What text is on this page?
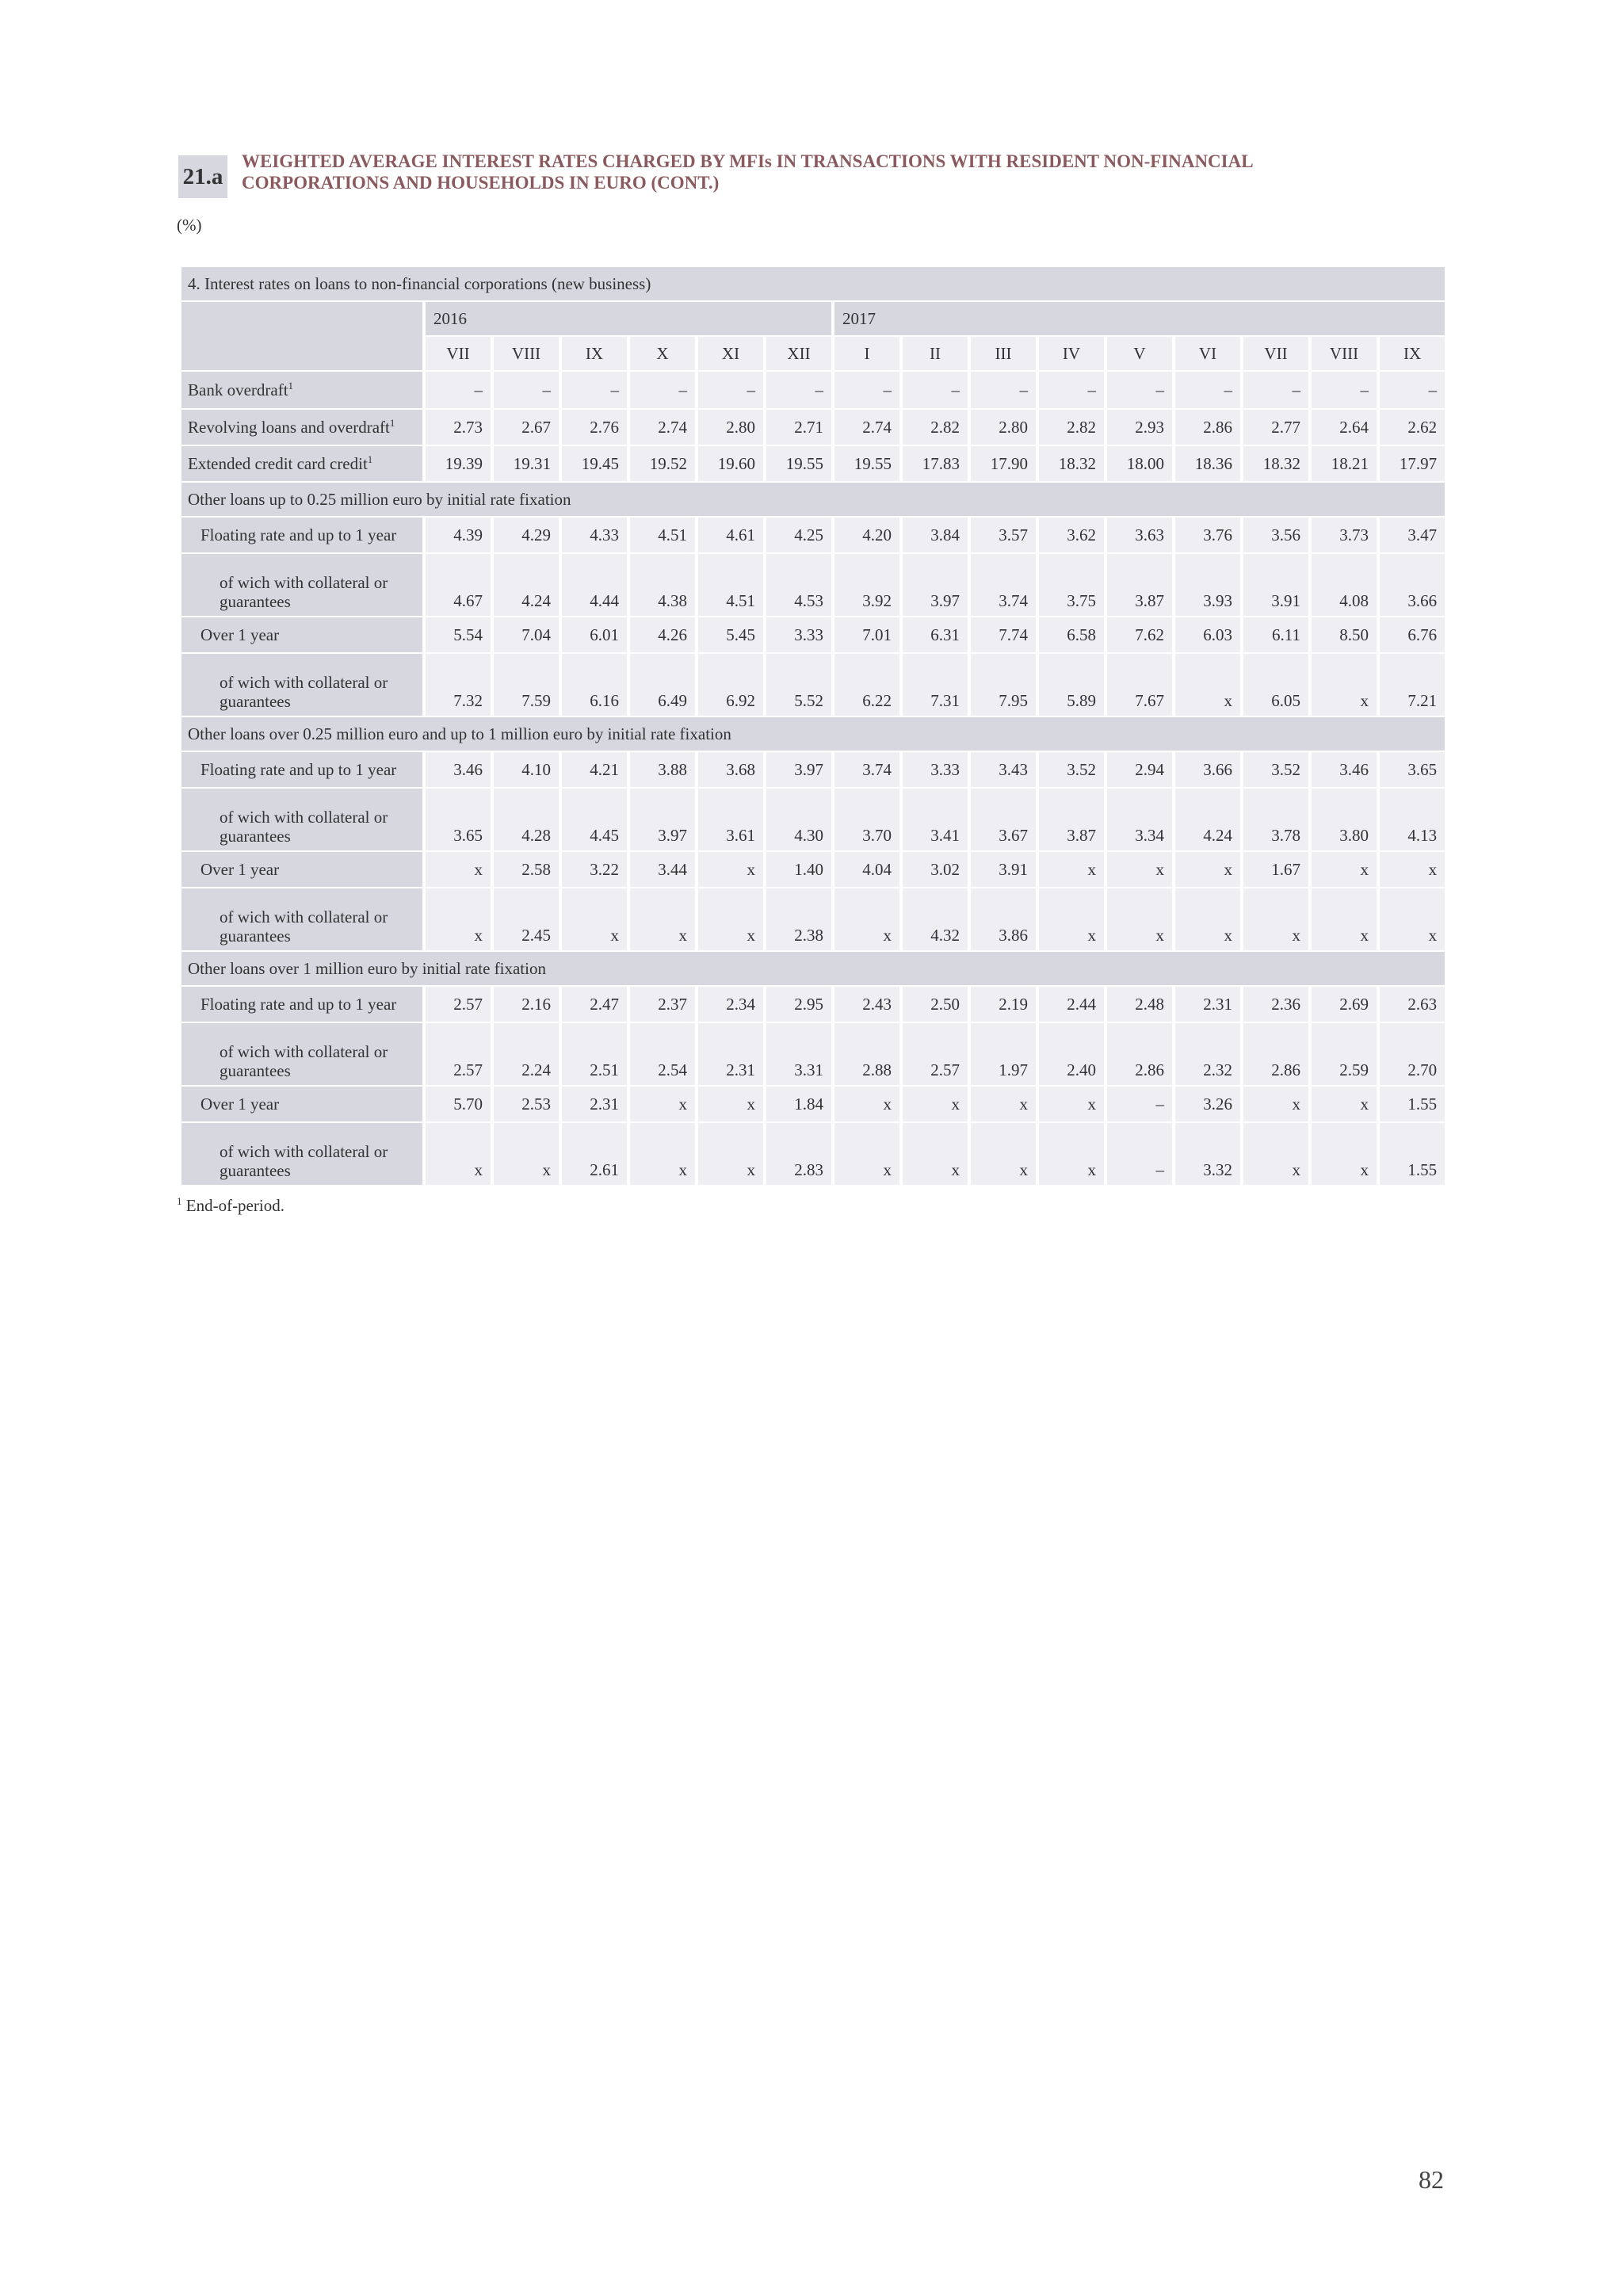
21.a
WEIGHTED AVERAGE INTEREST RATES CHARGED BY MFIs IN TRANSACTIONS WITH RESIDENT NON-FINANCIAL
CORPORATIONS AND HOUSEHOLDS IN EURO (CONT.)
(%)
4. Interest rates on loans to non-financial corporations (new business)															
	2016						2017								
	VII	VIII	IX	X	XI	XII	I	II	III	IV	V	VI	VII	VIII	IX
Bank overdraft$^1$	–	–	–	–	–	–	–	–	–	–	–	–	–	–	–
Revolving loans and overdraft$^1$	2.73	2.67	2.76	2.74	2.80	2.71	2.74	2.82	2.80	2.82	2.93	2.86	2.77	2.64	2.62
Extended credit card credit$^1$	19.39	19.31	19.45	19.52	19.60	19.55	19.55	17.83	17.90	18.32	18.00	18.36	18.32	18.21	17.97
Other loans up to 0.25 million euro by initial rate fixation															
Floating rate and up to 1 year	4.39	4.29	4.33	4.51	4.61	4.25	4.20	3.84	3.57	3.62	3.63	3.76	3.56	3.73	3.47
of wich with collateral or guarantees	4.67	4.24	4.44	4.38	4.51	4.53	3.92	3.97	3.74	3.75	3.87	3.93	3.91	4.08	3.66
Over 1 year	5.54	7.04	6.01	4.26	5.45	3.33	7.01	6.31	7.74	6.58	7.62	6.03	6.11	8.50	6.76
of wich with collateral or guarantees	7.32	7.59	6.16	6.49	6.92	5.52	6.22	7.31	7.95	5.89	7.67	x	6.05	x	7.21
Other loans over 0.25 million euro and up to 1 million euro by initial rate fixation															
Floating rate and up to 1 year	3.46	4.10	4.21	3.88	3.68	3.97	3.74	3.33	3.43	3.52	2.94	3.66	3.52	3.46	3.65
of wich with collateral or guarantees	3.65	4.28	4.45	3.97	3.61	4.30	3.70	3.41	3.67	3.87	3.34	4.24	3.78	3.80	4.13
Over 1 year	x	2.58	3.22	3.44	x	1.40	4.04	3.02	3.91	x	x	x	1.67	x	x
of wich with collateral or guarantees	x	2.45	x	x	x	2.38	x	4.32	3.86	x	x	x	x	x	x
Other loans over 1 million euro by initial rate fixation															
Floating rate and up to 1 year	2.57	2.16	2.47	2.37	2.34	2.95	2.43	2.50	2.19	2.44	2.48	2.31	2.36	2.69	2.63
of wich with collateral or guarantees	2.57	2.24	2.51	2.54	2.31	3.31	2.88	2.57	1.97	2.40	2.86	2.32	2.86	2.59	2.70
Over 1 year	5.70	2.53	2.31	x	x	1.84	x	x	x	x	–	3.26	x	x	1.55
of wich with collateral or guarantees	x	x	2.61	x	x	2.83	x	x	x	x	–	3.32	x	x	1.55
$^1$ End-of-period.
82
